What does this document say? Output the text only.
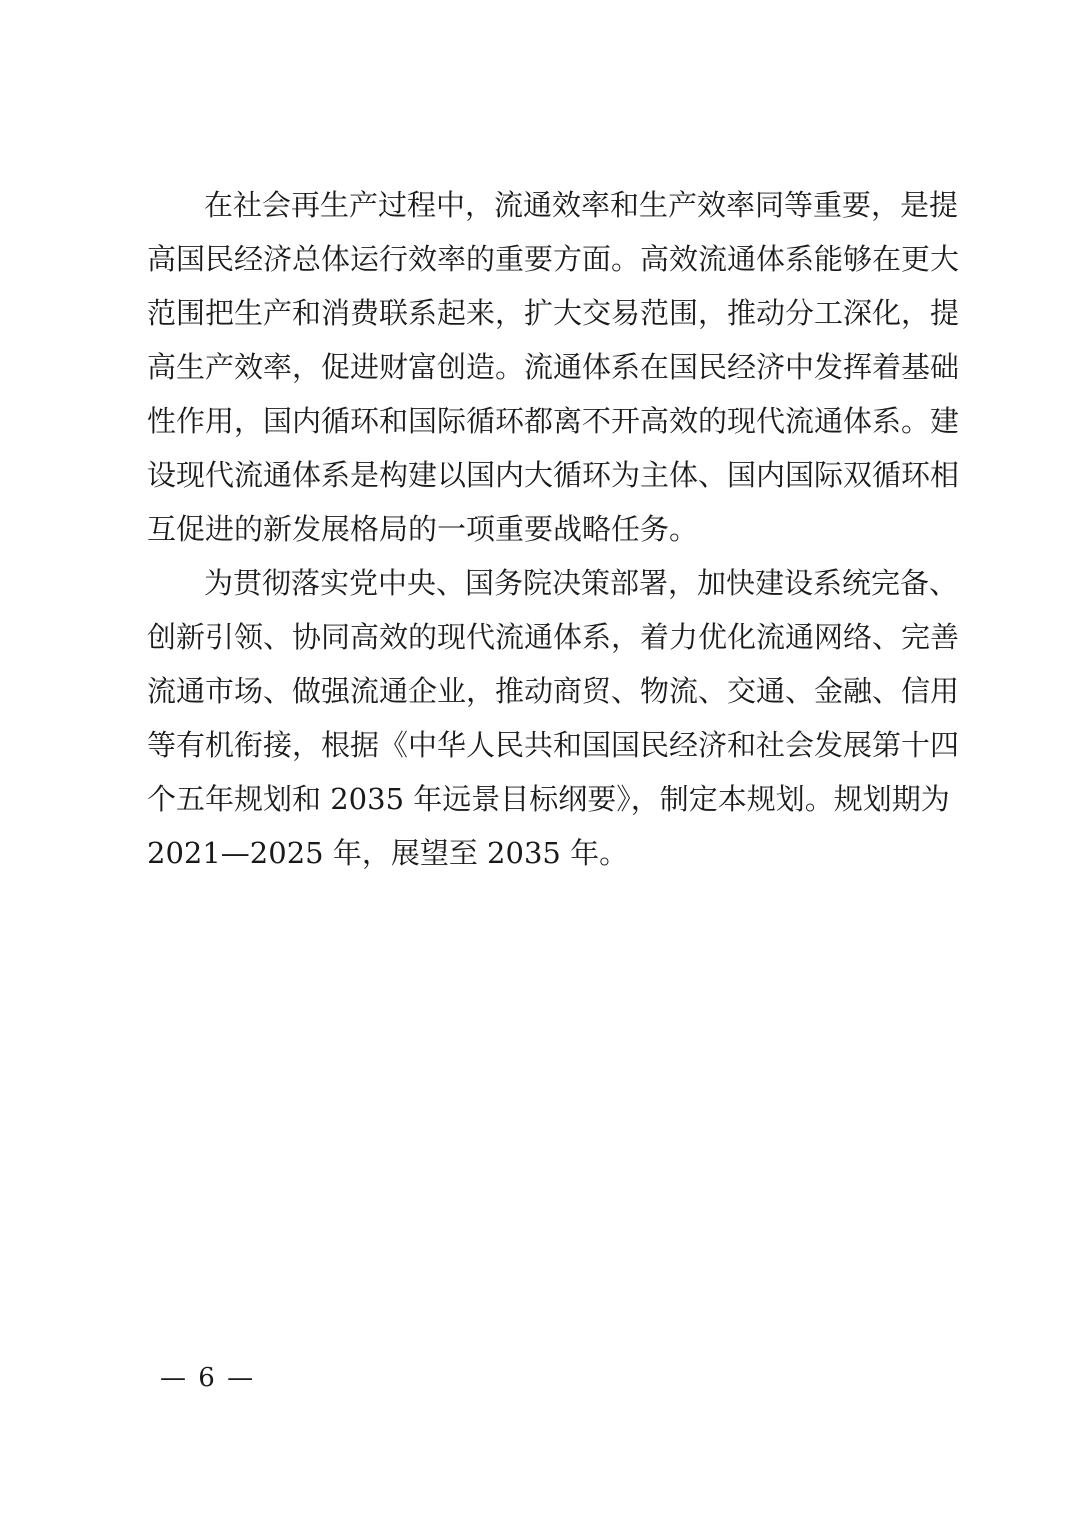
在社会再生产过程中，流通效率和生产效率同等重要，是提
高国民经济总体运行效率的重要方面。高效流通体系能够在更大
范围把生产和消费联系起来，扩大交易范围，推动分工深化，提
高生产效率，促进财富创造。流通体系在国民经济中发挥着基础
性作用，国内循环和国际循环都离不开高效的现代流通体系。建
设现代流通体系是构建以国内大循环为主体、国内国际双循环相
互促进的新发展格局的一项重要战略任务。
为贯彻落实党中央、国务院决策部署，加快建设系统完备、
创新引领、协同高效的现代流通体系，着力优化流通网络、完善
流通市场、做强流通企业，推动商贸、物流、交通、金融、信用
等有机衔接，根据《中华人民共和国国民经济和社会发展第十四
个五年规划和 2035 年远景目标纲要》，制定本规划。规划期为
2021—2025 年，展望至 2035 年。
— 6 —
